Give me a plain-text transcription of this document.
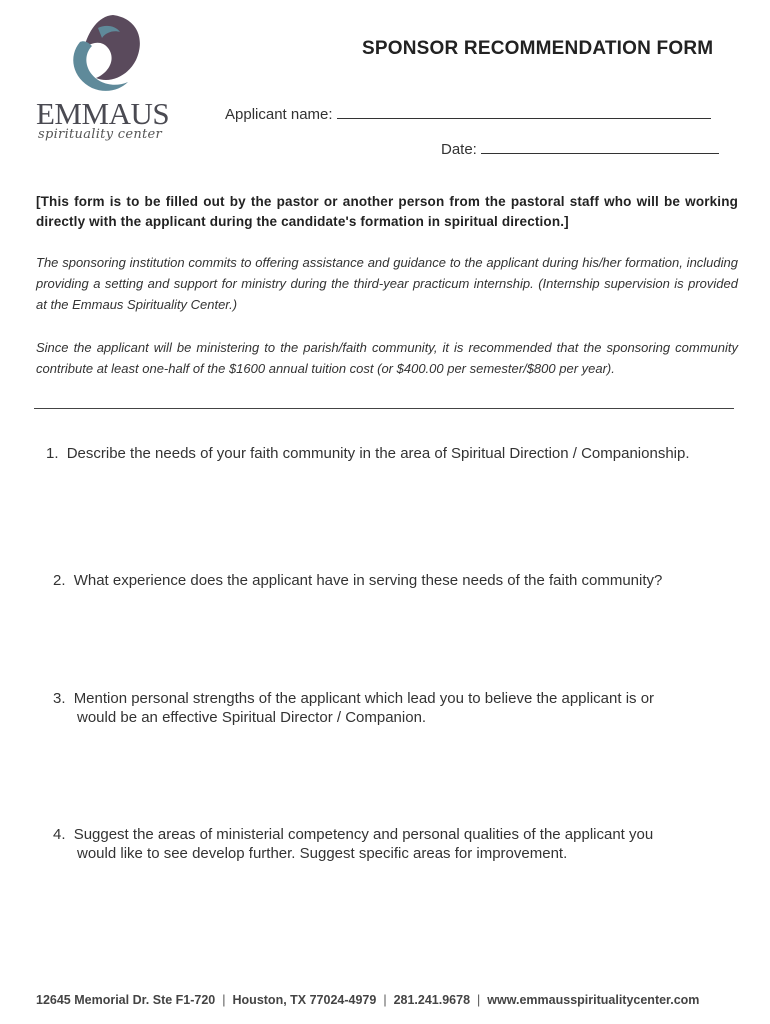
EMMAUS
spirituality center
SPONSOR RECOMMENDATION FORM
Applicant name:
Date:
[This form is to be filled out by the pastor or another person from the pastoral staff who will be working directly with the applicant during the candidate's formation in spiritual direction.]
The sponsoring institution commits to offering assistance and guidance to the applicant during his/her formation, including providing a setting and support for ministry during the third-year practicum internship. (Internship supervision is provided at the Emmaus Spirituality Center.)
Since the applicant will be ministering to the parish/faith community, it is recommended that the sponsoring community contribute at least one-half of the $1600 annual tuition cost (or $400.00 per semester/$800 per year).
1. Describe the needs of your faith community in the area of Spiritual Direction / Companionship.
2. What experience does the applicant have in serving these needs of the faith community?
3. Mention personal strengths of the applicant which lead you to believe the applicant is or
would be an effective Spiritual Director / Companion.
4. Suggest the areas of ministerial competency and personal qualities of the applicant you
would like to see develop further. Suggest specific areas for improvement.
12645 Memorial Dr. Ste F1-720 | Houston, TX 77024-4979 | 281.241.9678 | www.emmausspiritualitycenter.com
